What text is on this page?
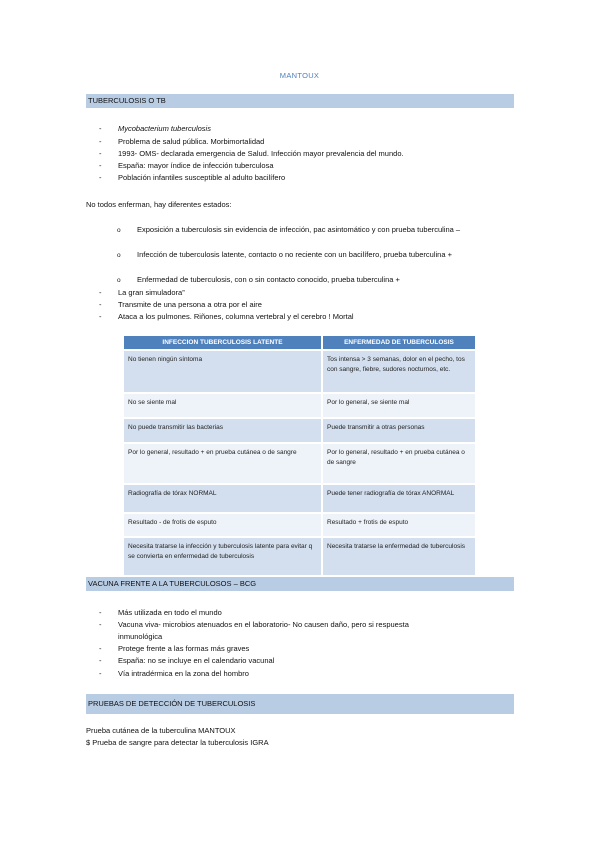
MANTOUX
TUBERCULOSIS O TB
- Mycobacterium tuberculosis
- Problema de salud pública. Morbimortalidad
- 1993- OMS- declarada emergencia de Salud. Infección mayor prevalencia del mundo.
- España: mayor índice de infección tuberculosa
- Población infantiles susceptible al adulto bacilífero
No todos enferman, hay diferentes estados:
o Exposición a tuberculosis sin evidencia de infección, pac asintomático y con prueba tuberculina –
o Infección de tuberculosis latente, contacto o no reciente con un bacilífero, prueba tuberculina +
o Enfermedad de tuberculosis, con o sin contacto conocido, prueba tuberculina +
- La gran simuladora”
- Transmite de una persona a otra por el aire
- Ataca a los pulmones. Riñones, columna vertebral y el cerebro ! Mortal
INFECCION TUBERCULOSIS LATENTE	ENFERMEDAD DE TUBERCULOSIS
No tienen ningún síntoma	Tos intensa > 3 semanas, dolor en el pecho, tos con sangre, fiebre, sudores nocturnos, etc.
No se siente mal	Por lo general, se siente mal
No puede transmitir las bacterias	Puede transmitir a otras personas
Por lo general, resultado + en prueba cutánea o de sangre	Por lo general, resultado + en prueba cutánea o de sangre
Radiografía de tórax NORMAL	Puede tener radiografía de tórax ANORMAL
Resultado - de frotis de esputo	Resultado + frotis de esputo
Necesita tratarse la infección y tuberculosis latente para evitar q se convierta en enfermedad de tuberculosis	Necesita tratarse la enfermedad de tuberculosis
VACUNA FRENTE A LA TUBERCULOSOS – BCG
- Más utilizada en todo el mundo
- Vacuna viva- microbios atenuados en el laboratorio- No causen daño, pero si respuesta
inmunológica
- Protege frente a las formas más graves
- España: no se incluye en el calendario vacunal
- Vía intradérmica en la zona del hombro
PRUEBAS DE DETECCIÓN DE TUBERCULOSIS
Prueba cutánea de la tuberculina MANTOUX
$ Prueba de sangre para detectar la tuberculosis IGRA
